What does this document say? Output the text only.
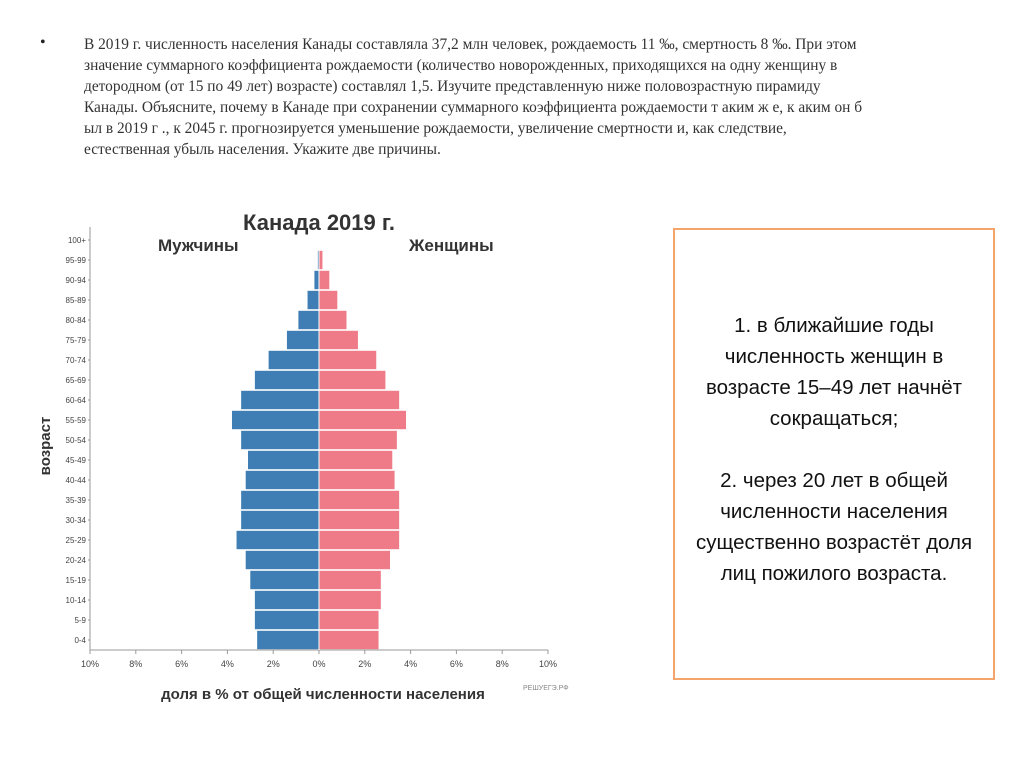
• В 2019 г. численность населения Канады составляла 37,2 млн человек, рождаемость 11 ‰, смертность 8 ‰. При этом
значение суммарного коэффициента рождаемости (количество новорожденных, приходящихся на одну женщину в
детородном (от 15 по 49 лет) возрасте) составлял 1,5. Изучите представленную ниже половозрастную пирамиду
Канады. Объясните, почему в Канаде при сохранении суммарного коэффициента рождаемости т аким ж е, к аким он б
ыл в 2019 г ., к 2045 г. прогнозируется уменьшение рождаемости, увеличение смертности и, как следствие,
естественная убыль населения. Укажите две причины.

Канада 2019 г.
Мужчины	Женщины
возраст
доля в % от общей численности населения	РЕШУЕГЭ.РФ
0-4
5-9
10-14
15-19
20-24
25-29
30-34
35-39
40-44
45-49
50-54
55-59
60-64
65-69
70-74
75-79
80-84
85-89
90-94
95-99
100+
10%	8%	6%	4%	2%	0%	2%	4%	6%	8%	10%

1. в ближайшие годы численность женщин в возрасте 15–49 лет начнёт сокращаться;

2. через 20 лет в общей численности населения существенно возрастёт доля лиц пожилого возраста.
